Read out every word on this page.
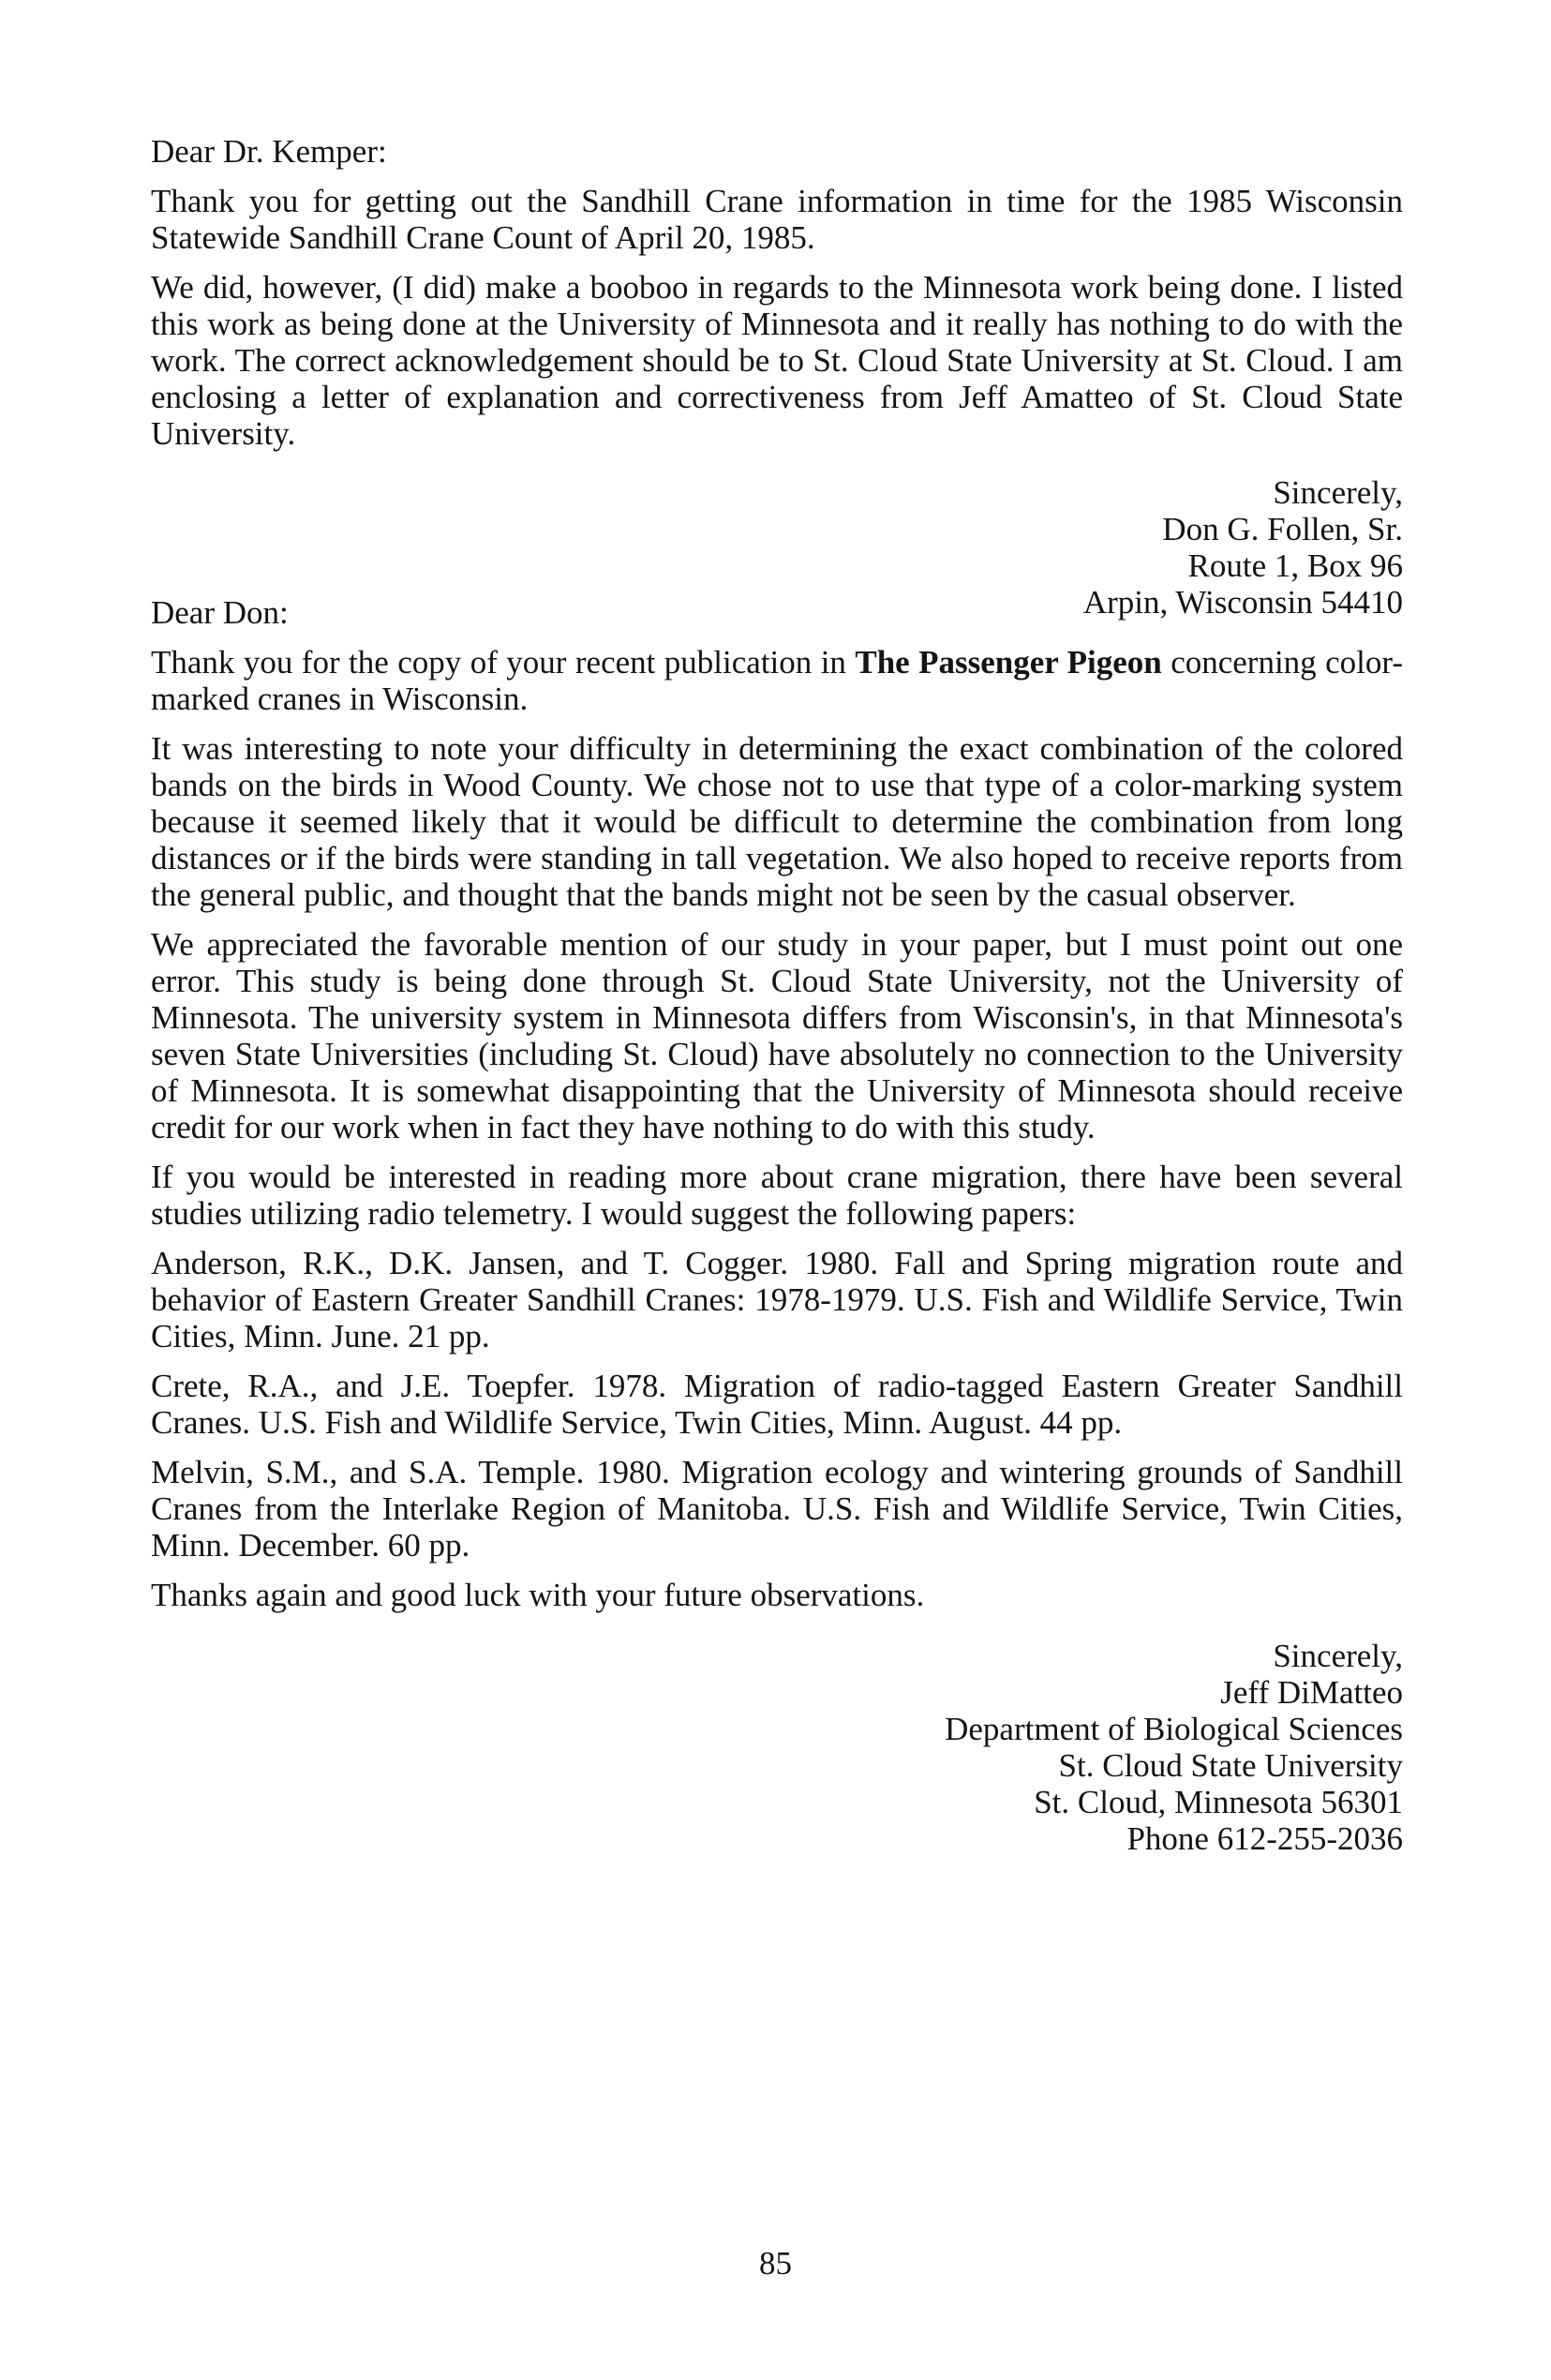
Dear Dr. Kemper:

Thank you for getting out the Sandhill Crane information in time for the 1985 Wisconsin Statewide Sandhill Crane Count of April 20, 1985.

We did, however, (I did) make a booboo in regards to the Minnesota work being done. I listed this work as being done at the University of Minnesota and it really has nothing to do with the work. The correct acknowledgement should be to St. Cloud State University at St. Cloud. I am enclosing a letter of explanation and correctiveness from Jeff Amatteo of St. Cloud State University.

Sincerely,
Don G. Follen, Sr.
Route 1, Box 96
Arpin, Wisconsin 54410
Dear Don:

Thank you for the copy of your recent publication in The Passenger Pigeon concerning color-marked cranes in Wisconsin.

It was interesting to note your difficulty in determining the exact combination of the colored bands on the birds in Wood County. We chose not to use that type of a color-marking system because it seemed likely that it would be difficult to determine the combination from long distances or if the birds were standing in tall vegetation. We also hoped to receive reports from the general public, and thought that the bands might not be seen by the casual observer.

We appreciated the favorable mention of our study in your paper, but I must point out one error. This study is being done through St. Cloud State University, not the University of Minnesota. The university system in Minnesota differs from Wisconsin's, in that Minnesota's seven State Universities (including St. Cloud) have absolutely no connection to the University of Minnesota. It is somewhat disappointing that the University of Minnesota should receive credit for our work when in fact they have nothing to do with this study.

If you would be interested in reading more about crane migration, there have been several studies utilizing radio telemetry. I would suggest the following papers:

Anderson, R.K., D.K. Jansen, and T. Cogger. 1980. Fall and Spring migration route and behavior of Eastern Greater Sandhill Cranes: 1978-1979. U.S. Fish and Wildlife Service, Twin Cities, Minn. June. 21 pp.
Crete, R.A., and J.E. Toepfer. 1978. Migration of radio-tagged Eastern Greater Sandhill Cranes. U.S. Fish and Wildlife Service, Twin Cities, Minn. August. 44 pp.
Melvin, S.M., and S.A. Temple. 1980. Migration ecology and wintering grounds of Sandhill Cranes from the Interlake Region of Manitoba. U.S. Fish and Wildlife Service, Twin Cities, Minn. December. 60 pp.

Thanks again and good luck with your future observations.

Sincerely,
Jeff DiMatteo
Department of Biological Sciences
St. Cloud State University
St. Cloud, Minnesota 56301
Phone 612-255-2036
85
